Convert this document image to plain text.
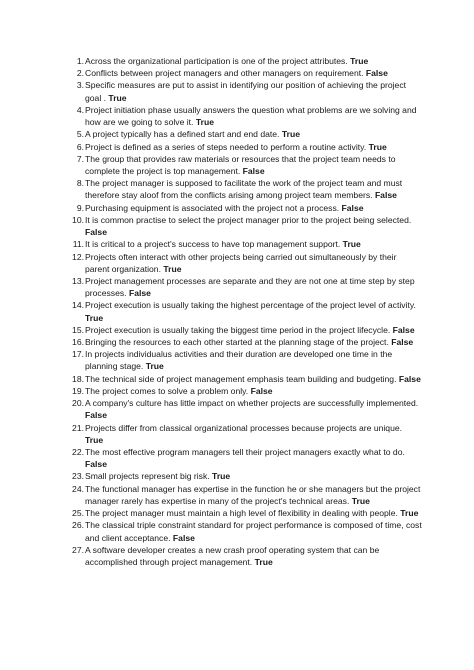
1. Across the organizational participation is one of the project attributes. True
2. Conflicts between project managers and other managers on requirement. False
3. Specific measures are put to assist in identifying our position of achieving the project goal . True
4. Project initiation phase usually answers the question what problems are we solving and how are we going to solve it. True
5. A project typically has a defined start and end date. True
6. Project is defined as a series of steps needed to perform a routine activity. True
7. The group that provides raw materials or resources that the project team needs to complete the project is top management. False
8. The project manager is supposed to facilitate the work of the project team and must therefore stay aloof from the conflicts arising among project team members. False
9. Purchasing equipment is associated with the project not a process. False
10. It is common practise to select the project manager prior to the project being selected. False
11. It is critical to a project's success to have top management support. True
12. Projects often interact with other projects being carried out simultaneously by their parent organization. True
13. Project management processes are separate and they are not one at time step by step processes. False
14. Project execution is usually taking the highest percentage of the project level of activity. True
15. Project execution is usually taking the biggest time period in the project lifecycle. False
16. Bringing the resources to each other started at the planning stage of the project. False
17. In projects individualus activities and their duration are developed one time in the planning stage. True
18. The technical side of project management emphasis team building and budgeting. False
19. The project comes to solve a problem only. False
20. A company's culture has little impact on whether projects are successfully implemented. False
21. Projects differ from classical organizational processes because projects are unique. True
22. The most effective program managers tell their project managers exactly what to do. False
23. Small projects represent big risk. True
24. The functional manager has expertise in the function he or she managers but the project manager rarely has expertise in many of the project's technical areas. True
25. The project manager must maintain a high level of flexibility in dealing with people. True
26. The classical triple constraint standard for project performance is composed of time, cost and client acceptance. False
27. A software developer creates a new crash proof operating system that can be accomplished through project management. True
